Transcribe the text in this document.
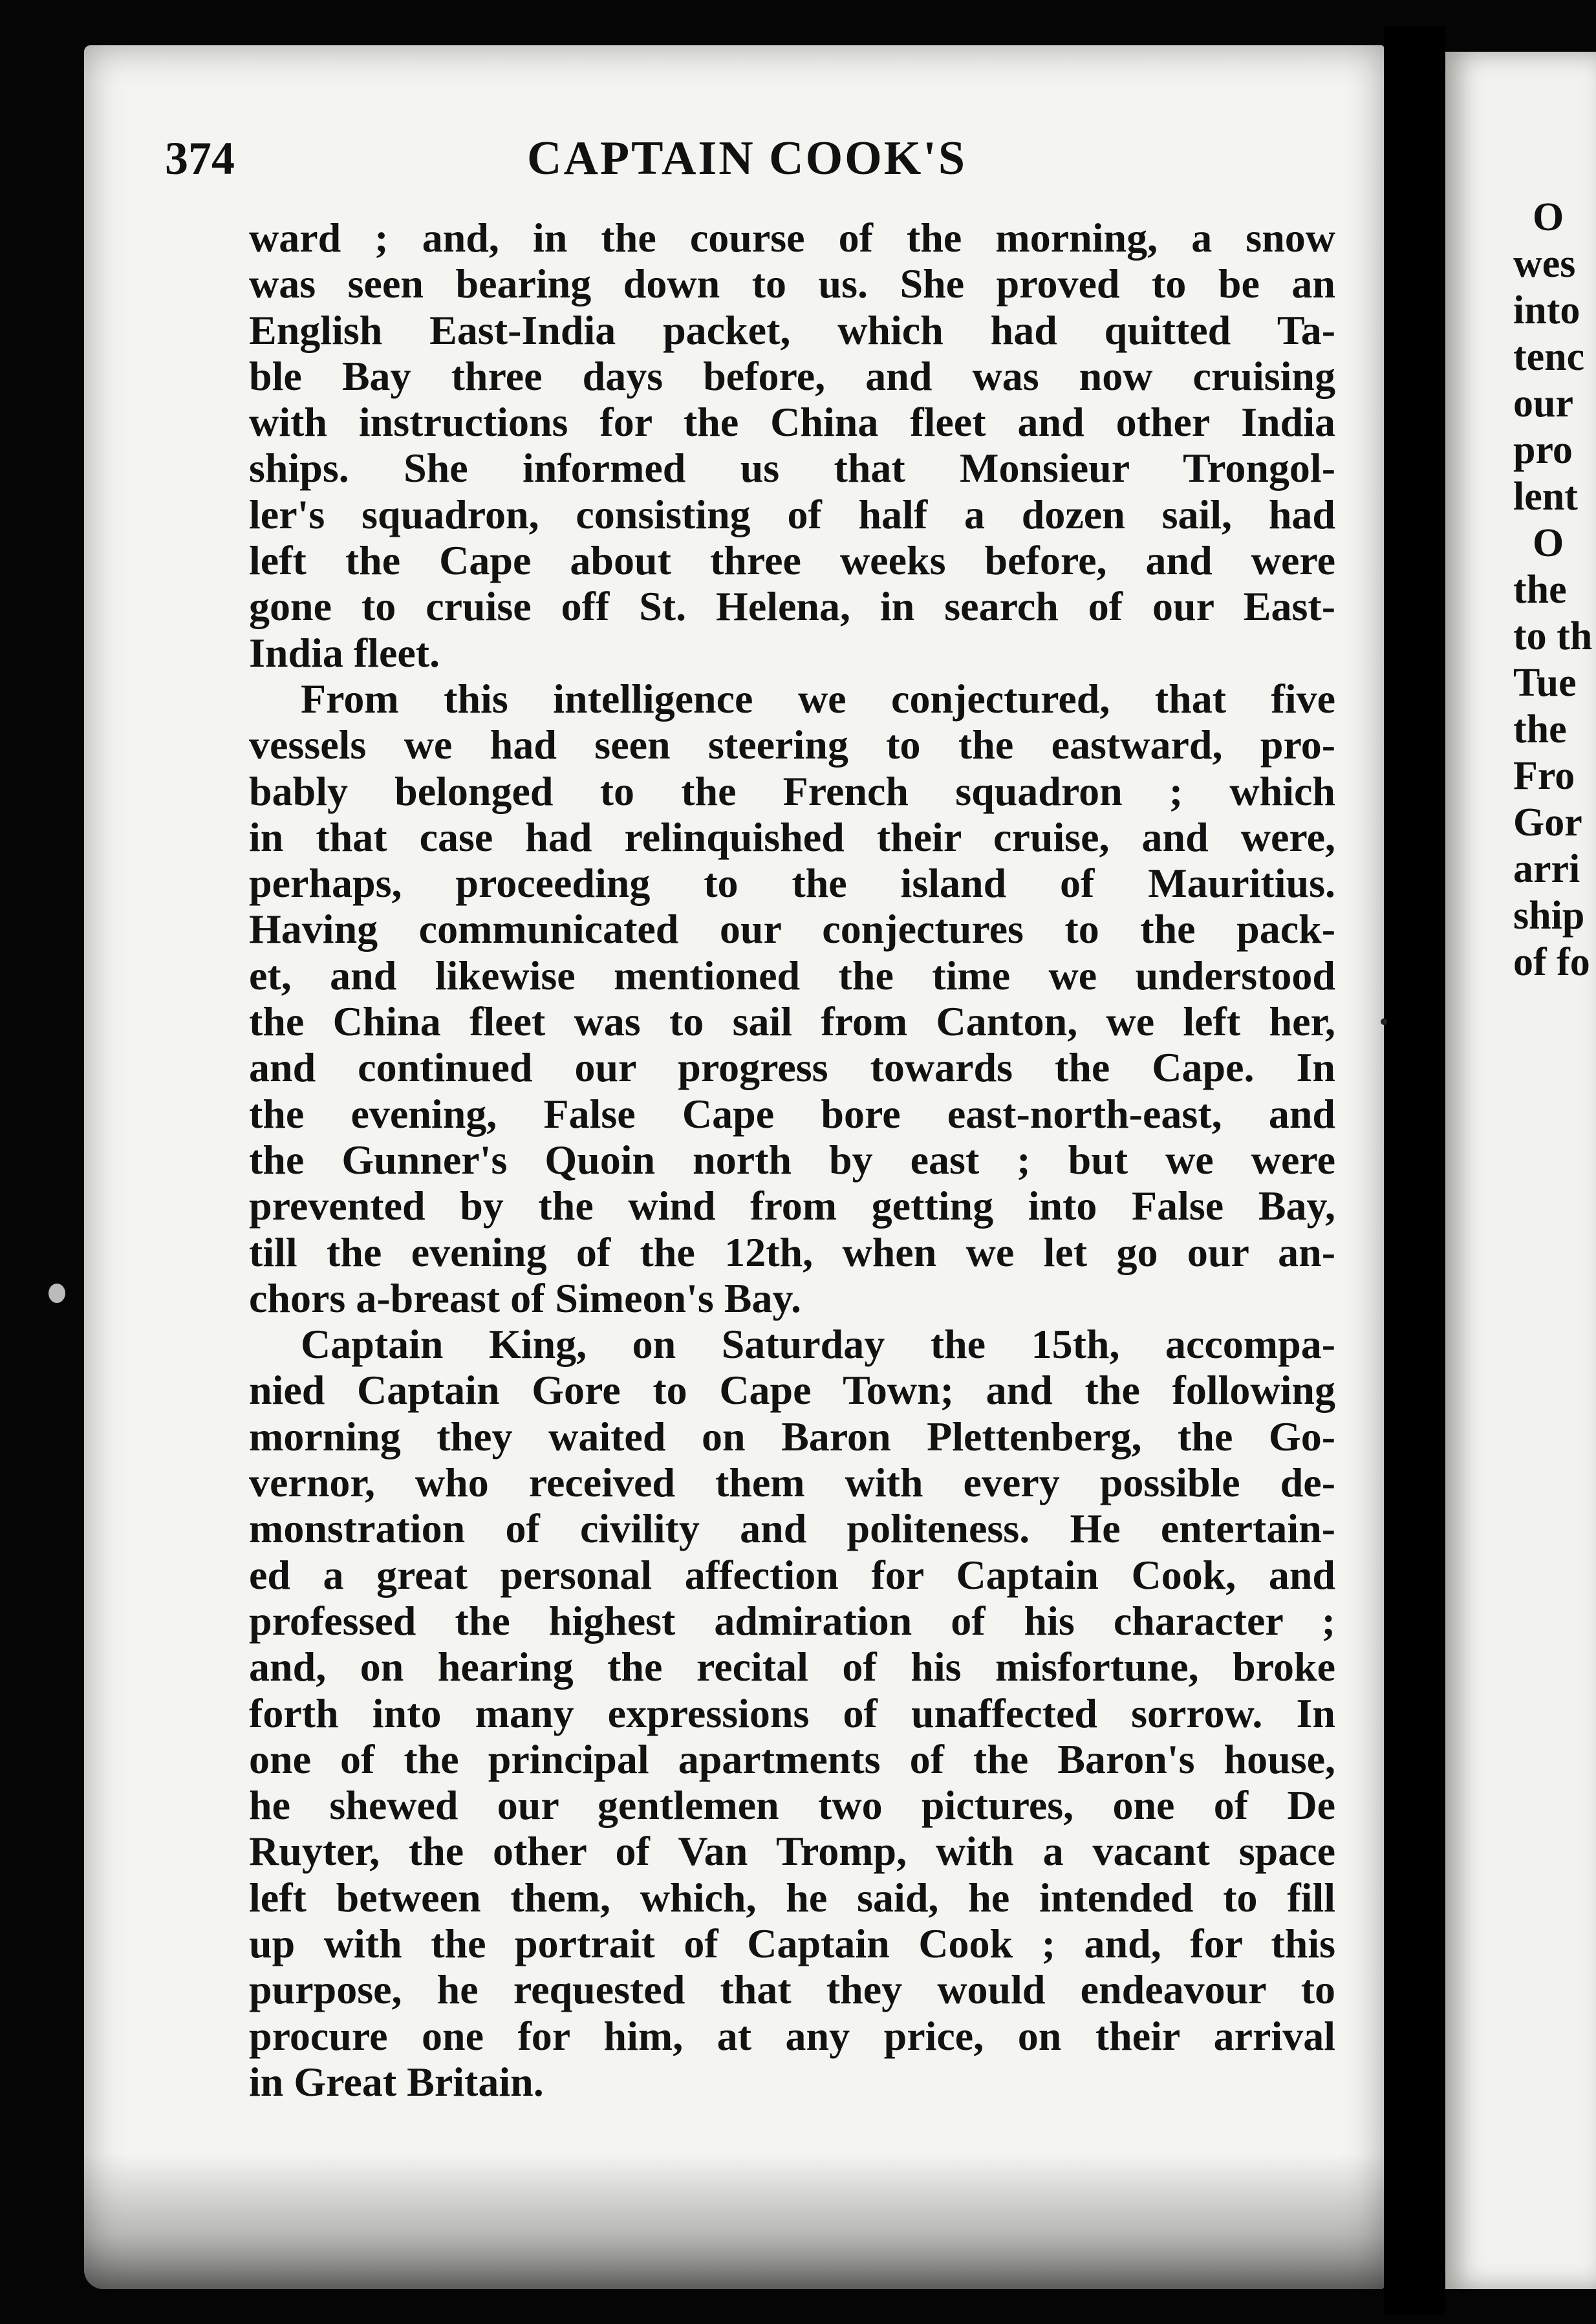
O
wes
into
tenc
our
pro
lent
O
the
to th
Tue
the
Fro
Gor
arri
ship
of fo
374	CAPTAIN COOK'S
ward ; and, in the course of the morning, a snow
was seen bearing down to us. She proved to be an
English East-India packet, which had quitted Ta-
ble Bay three days before, and was now cruising
with instructions for the China fleet and other India
ships. She informed us that Monsieur Trongol-
ler's squadron, consisting of half a dozen sail, had
left the Cape about three weeks before, and were
gone to cruise off St. Helena, in search of our East-
India fleet.
From this intelligence we conjectured, that five
vessels we had seen steering to the eastward, pro-
bably belonged to the French squadron ; which
in that case had relinquished their cruise, and were,
perhaps, proceeding to the island of Mauritius.
Having communicated our conjectures to the pack-
et, and likewise mentioned the time we understood
the China fleet was to sail from Canton, we left her,
and continued our progress towards the Cape. In
the evening, False Cape bore east-north-east, and
the Gunner's Quoin north by east ; but we were
prevented by the wind from getting into False Bay,
till the evening of the 12th, when we let go our an-
chors a-breast of Simeon's Bay.
Captain King, on Saturday the 15th, accompa-
nied Captain Gore to Cape Town; and the following
morning they waited on Baron Plettenberg, the Go-
vernor, who received them with every possible de-
monstration of civility and politeness. He entertain-
ed a great personal affection for Captain Cook, and
professed the highest admiration of his character ;
and, on hearing the recital of his misfortune, broke
forth into many expressions of unaffected sorrow. In
one of the principal apartments of the Baron's house,
he shewed our gentlemen two pictures, one of De
Ruyter, the other of Van Tromp, with a vacant space
left between them, which, he said, he intended to fill
up with the portrait of Captain Cook ; and, for this
purpose, he requested that they would endeavour to
procure one for him, at any price, on their arrival
in Great Britain.
